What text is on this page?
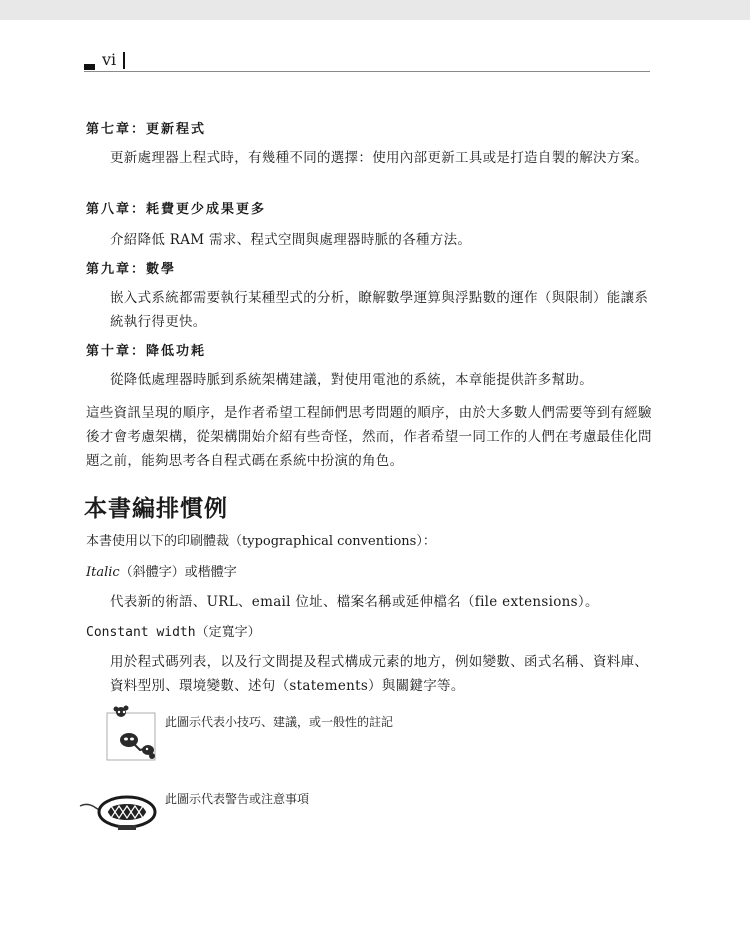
vi
第七章：更新程式
更新處理器上程式時，有幾種不同的選擇：使用內部更新工具或是打造自製的解決方案。
第八章：耗費更少成果更多
介紹降低 RAM 需求、程式空間與處理器時脈的各種方法。
第九章：數學
嵌入式系統都需要執行某種型式的分析，瞭解數學運算與浮點數的運作（與限制）能讓系統執行得更快。
第十章：降低功耗
從降低處理器時脈到系統架構建議，對使用電池的系統，本章能提供許多幫助。
這些資訊呈現的順序，是作者希望工程師們思考問題的順序，由於大多數人們需要等到有經驗後才會考慮架構，從架構開始介紹有些奇怪，然而，作者希望一同工作的人們在考慮最佳化問題之前，能夠思考各自程式碼在系統中扮演的角色。
本書編排慣例
本書使用以下的印刷體裁（typographical conventions）：
Italic（斜體字）或楷體字
代表新的術語、URL、email 位址、檔案名稱或延伸檔名（file extensions）。
Constant width（定寬字）
用於程式碼列表，以及行文間提及程式構成元素的地方，例如變數、函式名稱、資料庫、資料型別、環境變數、述句（statements）與關鍵字等。
此圖示代表小技巧、建議，或一般性的註記
此圖示代表警告或注意事項
